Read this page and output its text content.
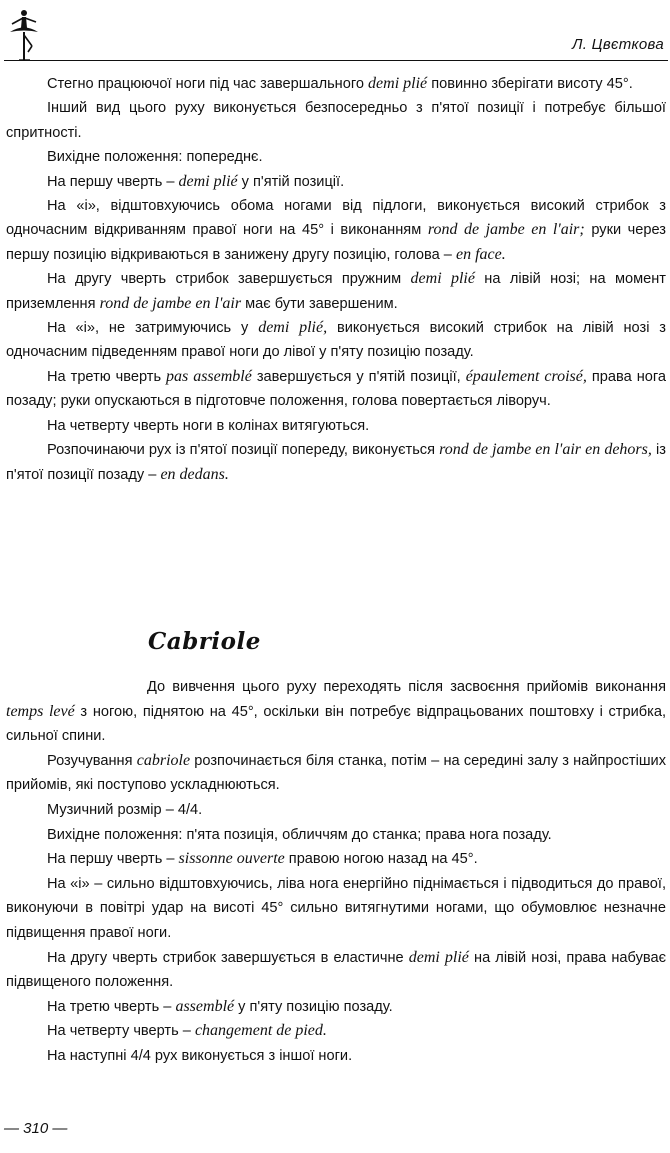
Л. Цвєткова

Стегно працюючої ноги під час завершального demi plié повинно зберігати висоту 45°.

Інший вид цього руху виконується безпосередньо з п'ятої позиції і потребує більшої спритності.

Вихідне положення: попереднє.

На першу чверть – demi plié у п'ятій позиції.

На «і», відштовхуючись обома ногами від підлоги, виконується високий стрибок з одночасним відкриванням правої ноги на 45° і виконанням rond de jambe en l'air; руки через першу позицію відкриваються в занижену другу позицію, голова – en face.

На другу чверть стрибок завершується пружним demi plié на лівій нозі; на момент приземлення rond de jambe en l'air має бути завершеним.

На «і», не затримуючись у demi plié, виконується високий стрибок на лівій нозі з одночасним підведенням правої ноги до лівої у п'яту позицію позаду.

На третю чверть pas assemblé завершується у п'ятій позиції, épaulement croisé, права нога позаду; руки опускаються в підготовче положення, голова повертається ліворуч.

На четверту чверть ноги в колінах витягуються.

Розпочинаючи рух із п'ятої позиції попереду, виконується rond de jambe en l'air en dehors, із п'ятої позиції позаду – en dedans.

Cabriole

До вивчення цього руху переходять після засвоєння прийомів виконання temps levé з ногою, піднятою на 45°, оскільки він потребує відпрацьованих поштовху і стрибка, сильної спини.

Розучування cabriole розпочинається біля станка, потім – на середині залу з найпростіших прийомів, які поступово ускладнюються.

Музичний розмір – 4/4.

Вихідне положення: п'ята позиція, обличчям до станка; права нога позаду.

На першу чверть – sissonne ouverte правою ногою назад на 45°.

На «і» – сильно відштовхуючись, ліва нога енергійно піднімається і підводиться до правої, виконуючи в повітрі удар на висоті 45° сильно витягнутими ногами, що обумовлює незначне підвищення правої ноги.

На другу чверть стрибок завершується в еластичне demi plié на лівій нозі, права набуває підвищеного положення.

На третю чверть – assemblé у п'яту позицію позаду.

На четверту чверть – changement de pied.

На наступні 4/4 рух виконується з іншої ноги.

— 310 —
